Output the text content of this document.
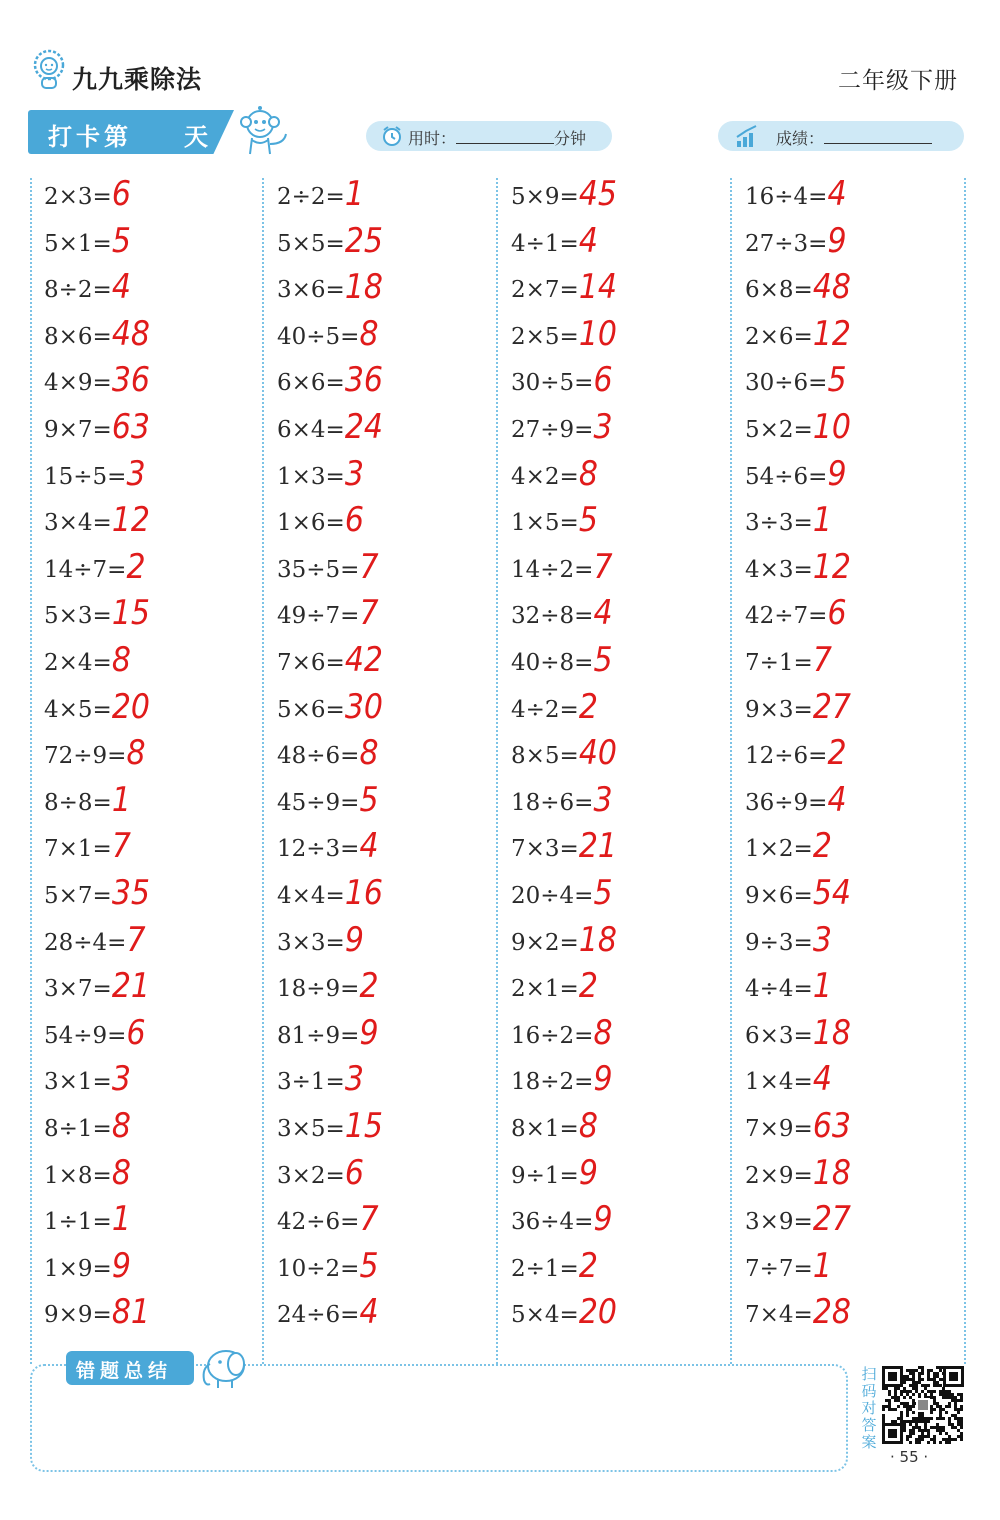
九九乘除法	二年级下册
打卡第 天	用时：	分钟	成绩：
2×3=6
5×1=5
8÷2=4
8×6=48
4×9=36
9×7=63
15÷5=3
3×4=12
14÷7=2
5×3=15
2×4=8
4×5=20
72÷9=8
8÷8=1
7×1=7
5×7=35
28÷4=7
3×7=21
54÷9=6
3×1=3
8÷1=8
1×8=8
1÷1=1
1×9=9
9×9=81
2÷2=1
5×5=25
3×6=18
40÷5=8
6×6=36
6×4=24
1×3=3
1×6=6
35÷5=7
49÷7=7
7×6=42
5×6=30
48÷6=8
45÷9=5
12÷3=4
4×4=16
3×3=9
18÷9=2
81÷9=9
3÷1=3
3×5=15
3×2=6
42÷6=7
10÷2=5
24÷6=4
5×9=45
4÷1=4
2×7=14
2×5=10
30÷5=6
27÷9=3
4×2=8
1×5=5
14÷2=7
32÷8=4
40÷8=5
4÷2=2
8×5=40
18÷6=3
7×3=21
20÷4=5
9×2=18
2×1=2
16÷2=8
18÷2=9
8×1=8
9÷1=9
36÷4=9
2÷1=2
5×4=20
16÷4=4
27÷3=9
6×8=48
2×6=12
30÷6=5
5×2=10
54÷6=9
3÷3=1
4×3=12
42÷7=6
7÷1=7
9×3=27
12÷6=2
36÷9=4
1×2=2
9×6=54
9÷3=3
4÷4=1
6×3=18
1×4=4
7×9=63
2×9=18
3×9=27
7÷7=1
7×4=28
错题总结	扫码对答案
· 55 ·
